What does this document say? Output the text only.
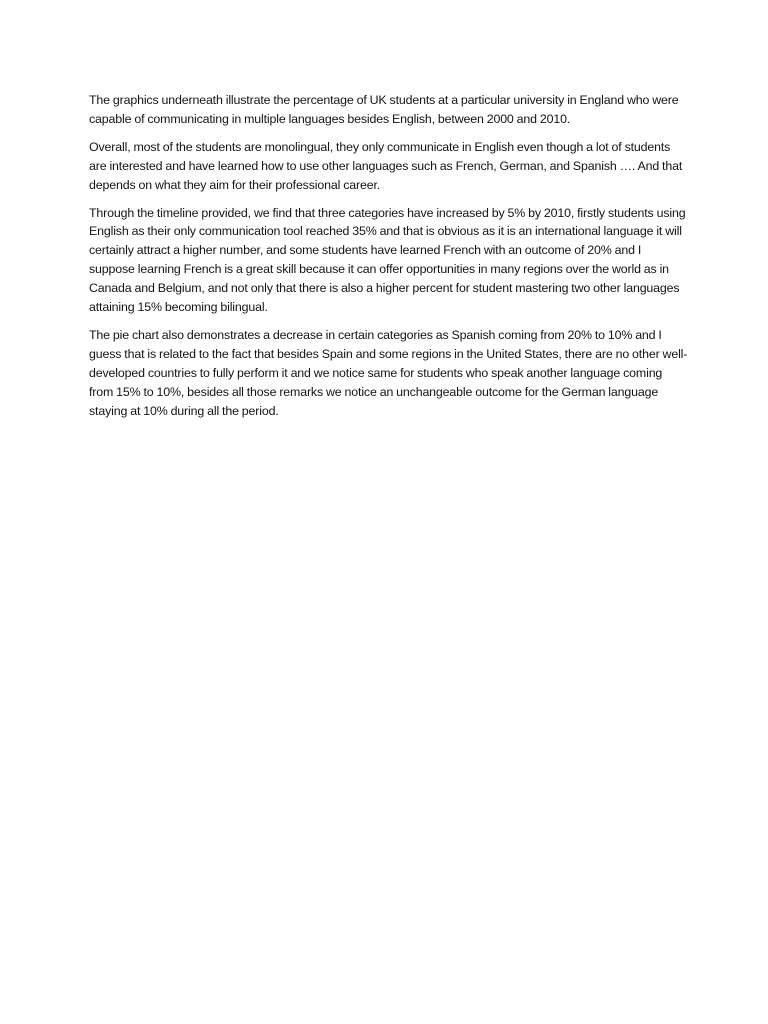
The graphics underneath illustrate the percentage of UK students at a particular university in England who were capable of communicating in multiple languages besides English, between 2000 and 2010.

Overall, most of the students are monolingual, they only communicate in English even though a lot of students are interested and have learned how to use other languages such as French, German, and Spanish …. And that depends on what they aim for their professional career.

Through the timeline provided, we find that three categories have increased by 5% by 2010, firstly students using English as their only communication tool reached 35% and that is obvious as it is an international language it will certainly attract a higher number, and some students have learned French with an outcome of 20% and I suppose learning French is a great skill because it can offer opportunities in many regions over the world as in Canada and Belgium, and not only that there is also a higher percent for student mastering two other languages attaining 15% becoming bilingual.

The pie chart also demonstrates a decrease in certain categories as Spanish coming from 20% to 10% and I guess that is related to the fact that besides Spain and some regions in the United States, there are no other well-developed countries to fully perform it and we notice same for students who speak another language coming from 15% to 10%, besides all those remarks we notice an unchangeable outcome for the German language staying at 10% during all the period.
